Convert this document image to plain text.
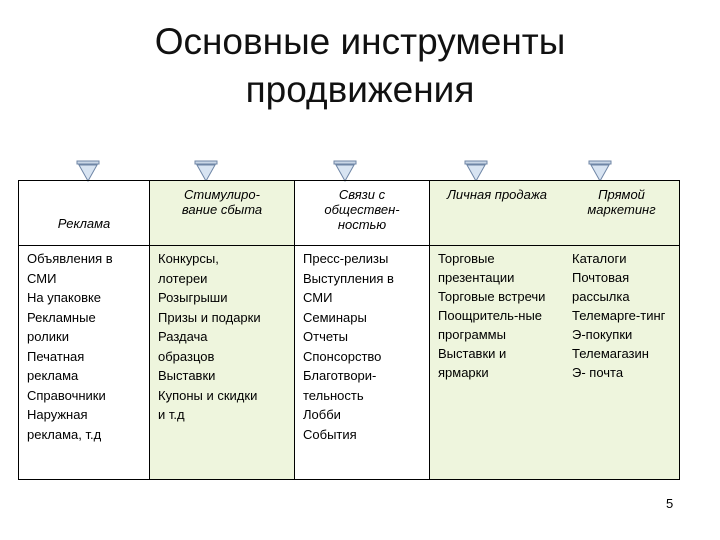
Основные инструменты
продвижения
Реклама
Объявления в
СМИ
На упаковке
Рекламные
ролики
Печатная
реклама
Справочники
Наружная
реклама, т.д
Стимулиро-
вание сбыта
Конкурсы,
лотереи
Розыгрыши
Призы и подарки
Раздача
образцов
Выставки
Купоны и скидки
и т.д
Связи с
обществен-
ностью
Пресс-релизы
Выступления в
СМИ
Семинары
Отчеты
Спонсорство
Благотвори-
тельность
Лобби
События
Личная продажа
Торговые
презентации
Торговые встречи
Поощритель-ные
программы
Выставки и
ярмарки
Прямой
маркетинг
Каталоги
Почтовая
рассылка
Телемарге-тинг
Э-покупки
Телемагазин
Э- почта
5
